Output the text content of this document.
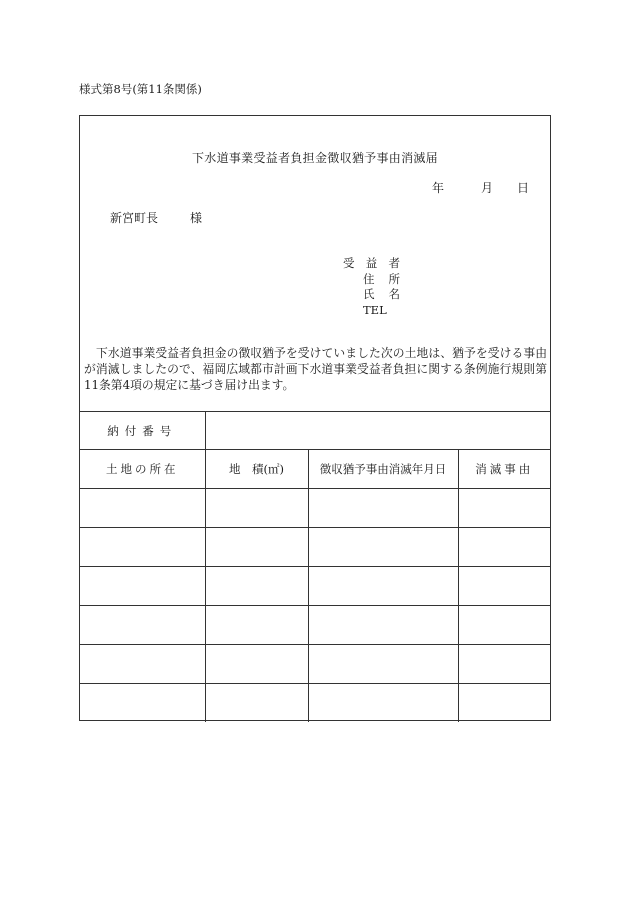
様式第8号(第11条関係)
下水道事業受益者負担金徴収猶予事由消滅届
年	月 日
新宮町長	様
受益者
住所
氏名
TEL
下水道事業受益者負担金の徴収猶予を受けていました次の土地は、猶予を受ける事由が消滅しましたので、福岡広域都市計画下水道事業受益者負担に関する条例施行規則第11条第4項の規定に基づき届け出ます。
納付番号			
土地の所在	地　積(㎡)	徴収猶予事由消滅年月日	消滅事由
